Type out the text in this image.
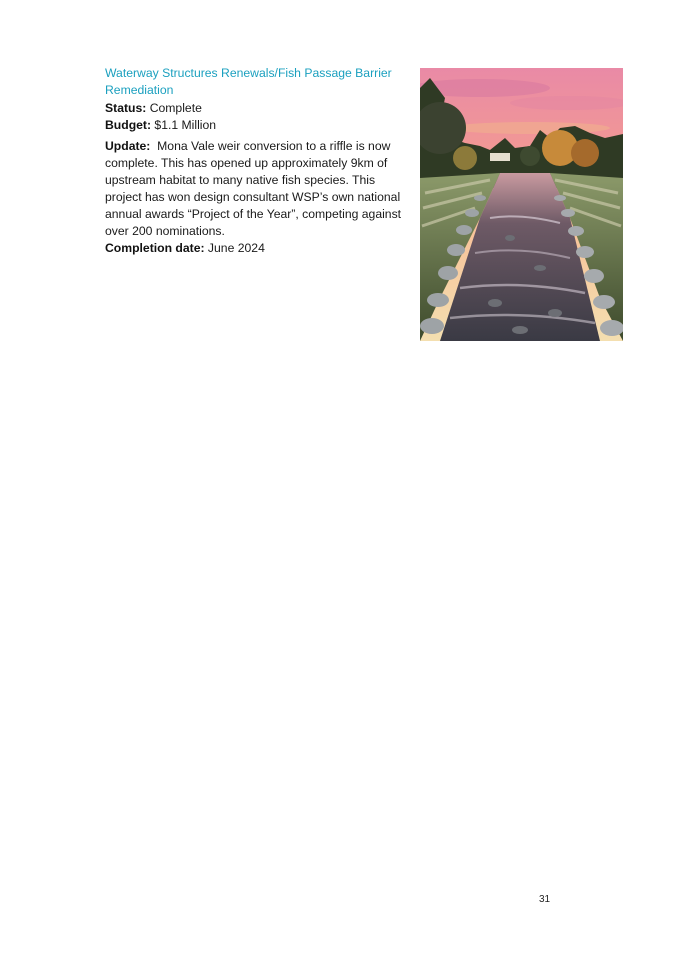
Waterway Structures Renewals/Fish Passage Barrier Remediation

Status: Complete

Budget: $1.1 Million

Update: Mona Vale weir conversion to a riffle is now complete. This has opened up approximately 9km of upstream habitat to many native fish species. This project has won design consultant WSP’s own national annual awards “Project of the Year”, competing against over 200 nominations.

Completion date: June 2024

31
